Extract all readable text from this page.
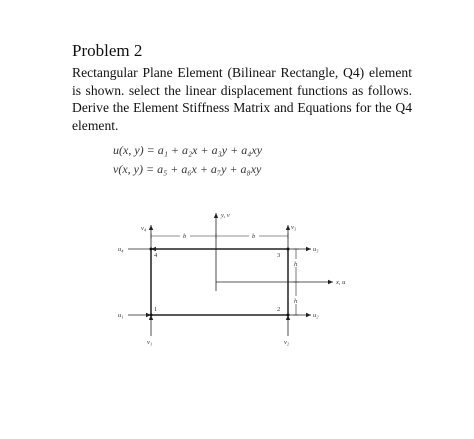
Problem 2
Rectangular Plane Element (Bilinear Rectangle, Q4) element is shown. select the linear displacement functions as follows. Derive the Element Stiffness Matrix and Equations for the Q4 element.
u(x, y) = a₁ + a₂x + a₃y + a₄xy
v(x, y) = a₅ + a₆x + a₇y + a₈xy
y, v
x, u
b	b
h
h
4	3
1	2
v₄
u₄
v₃
u₃
v₁
u₁
v₂
u₂
